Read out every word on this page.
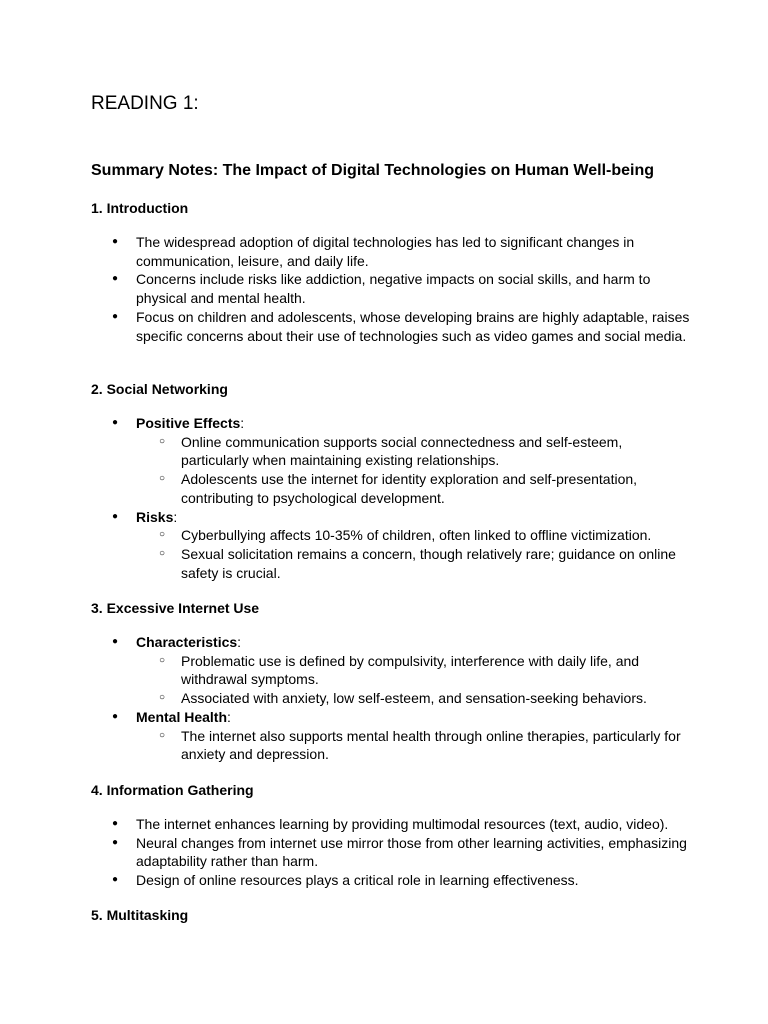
READING 1:
Summary Notes: The Impact of Digital Technologies on Human Well-being
1. Introduction
● The widespread adoption of digital technologies has led to significant changes in communication, leisure, and daily life.
● Concerns include risks like addiction, negative impacts on social skills, and harm to physical and mental health.
● Focus on children and adolescents, whose developing brains are highly adaptable, raises specific concerns about their use of technologies such as video games and social media.
2. Social Networking
● Positive Effects:
○ Online communication supports social connectedness and self-esteem, particularly when maintaining existing relationships.
○ Adolescents use the internet for identity exploration and self-presentation, contributing to psychological development.
● Risks:
○ Cyberbullying affects 10-35% of children, often linked to offline victimization.
○ Sexual solicitation remains a concern, though relatively rare; guidance on online safety is crucial.
3. Excessive Internet Use
● Characteristics:
○ Problematic use is defined by compulsivity, interference with daily life, and withdrawal symptoms.
○ Associated with anxiety, low self-esteem, and sensation-seeking behaviors.
● Mental Health:
○ The internet also supports mental health through online therapies, particularly for anxiety and depression.
4. Information Gathering
● The internet enhances learning by providing multimodal resources (text, audio, video).
● Neural changes from internet use mirror those from other learning activities, emphasizing adaptability rather than harm.
● Design of online resources plays a critical role in learning effectiveness.
5. Multitasking
